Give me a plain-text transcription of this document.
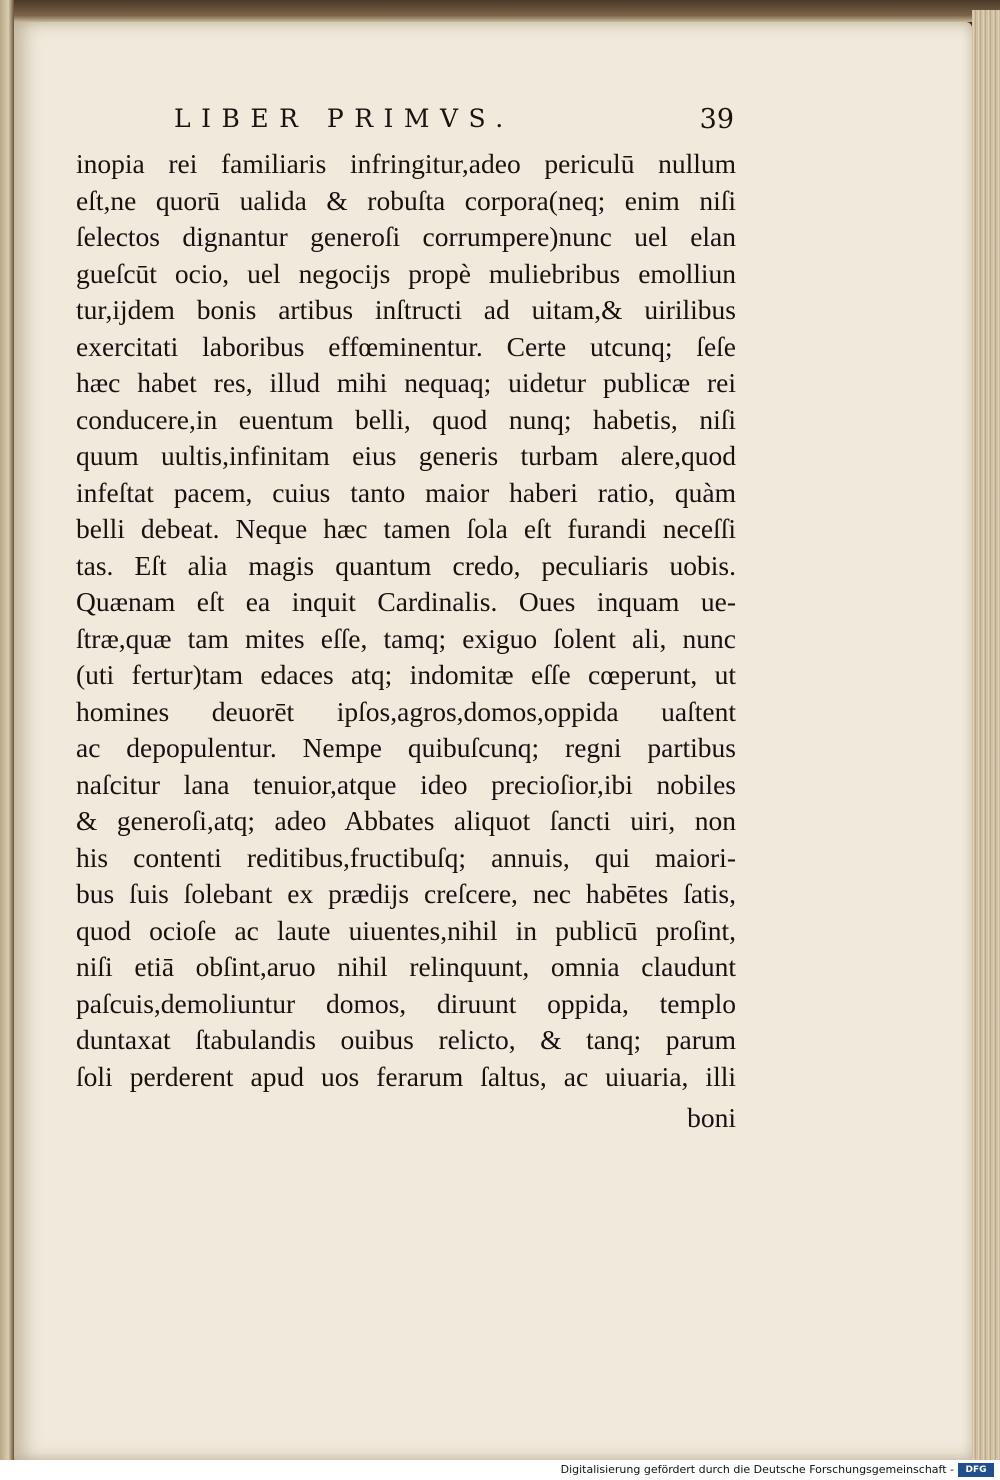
LIBER PRIMVS.	39
inopia rei familiaris infringitur,adeo periculū nullum
eſt,ne quorū ualida & robuſta corpora(neq; enim niſi
ſelectos dignantur generoſi corrumpere)nunc uel elan
gueſcūt ocio, uel negocijs propè muliebribus emolliun
tur,ijdem bonis artibus inſtructi ad uitam,& uirilibus
exercitati laboribus effœminentur. Certe utcunq; ſeſe
hæc habet res, illud mihi nequaq; uidetur publicæ rei
conducere,in euentum belli, quod nunq; habetis, niſi
quum uultis,infinitam eius generis turbam alere,quod
infeſtat pacem, cuius tanto maior haberi ratio, quàm
belli debeat. Neque hæc tamen ſola eſt furandi neceſſi
tas. Eſt alia magis quantum credo, peculiaris uobis.
Quænam eſt ea inquit Cardinalis. Oues inquam ue-
ſtræ,quæ tam mites eſſe, tamq; exiguo ſolent ali, nunc
(uti fertur)tam edaces atq; indomitæ eſſe cœperunt, ut
homines deuorēt ipſos,agros,domos,oppida uaſtent
ac depopulentur. Nempe quibuſcunq; regni partibus
naſcitur lana tenuior,atque ideo precioſior,ibi nobiles
& generoſi,atq; adeo Abbates aliquot ſancti uiri, non
his contenti reditibus,fructibuſq; annuis, qui maiori-
bus ſuis ſolebant ex prædijs creſcere, nec habētes ſatis,
quod ocioſe ac laute uiuentes,nihil in publicū proſint,
niſi etiā obſint,aruo nihil relinquunt, omnia claudunt
paſcuis,demoliuntur domos, diruunt oppida, templo
duntaxat ſtabulandis ouibus relicto, & tanq; parum
ſoli perderent apud uos ferarum ſaltus, ac uiuaria, illi
boni
Digitalisierung gefördert durch die Deutsche Forschungsgemeinschaft -	DFG
